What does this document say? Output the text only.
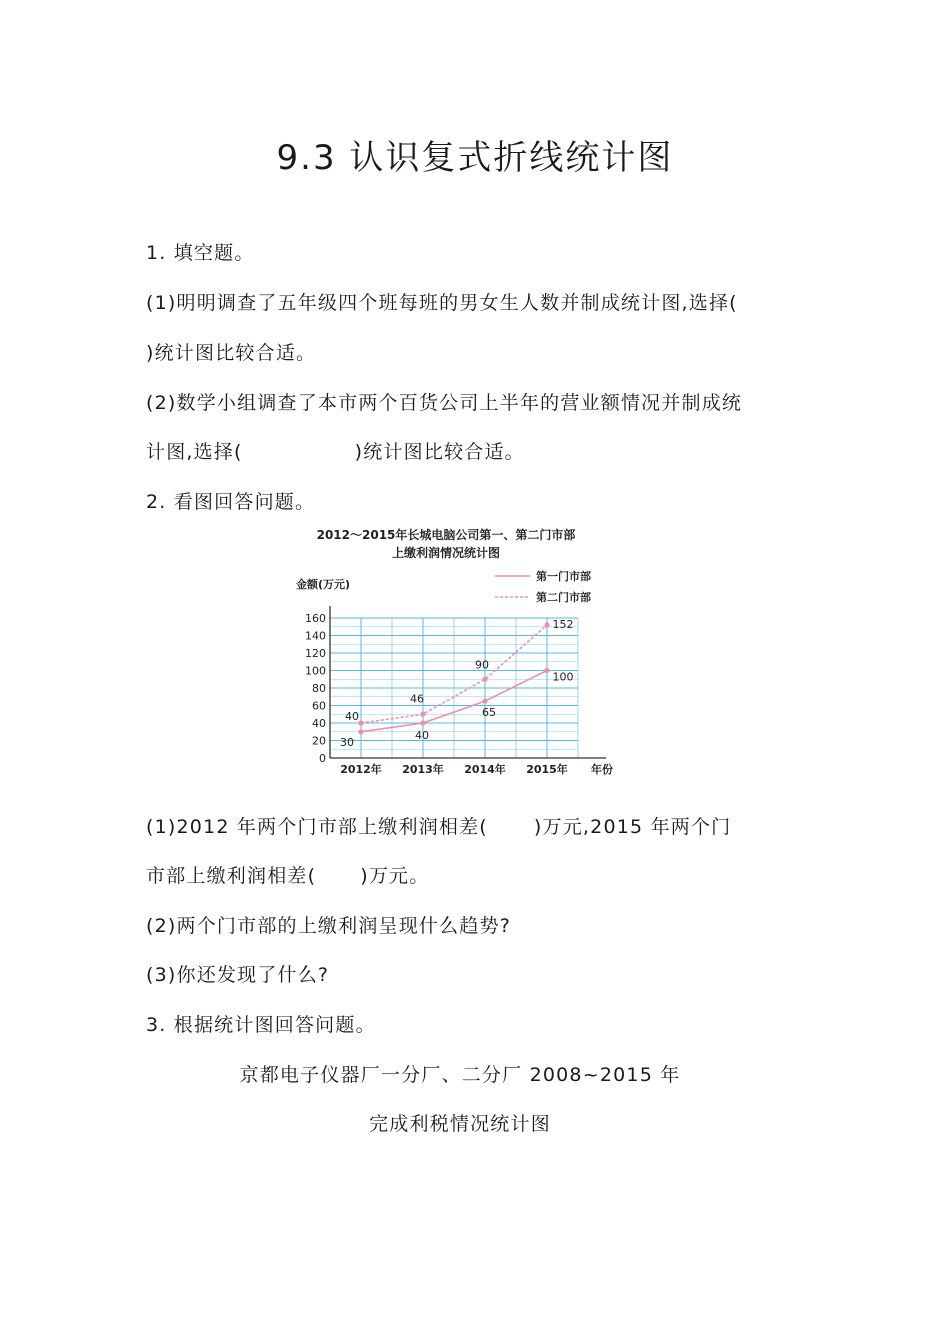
9.3 认识复式折线统计图
1. 填空题。
(1)明明调查了五年级四个班每班的男女生人数并制成统计图,选择(
)统计图比较合适。
(2)数学小组调查了本市两个百货公司上半年的营业额情况并制成统
计图,选择(	)统计图比较合适。
2. 看图回答问题。
2012～2015年长城电脑公司第一、第二门市部
上缴利润情况统计图
金额(万元)
年份
第一门市部
第二门市部
0
20
40
60
80
100
120
140
160
2012年 2013年 2014年 2015年
30
40
65
100
40
46
90
152
(1)2012 年两个门市部上缴利润相差( )万元,2015 年两个门
市部上缴利润相差( )万元。
(2)两个门市部的上缴利润呈现什么趋势?
(3)你还发现了什么?
3. 根据统计图回答问题。
京都电子仪器厂一分厂、二分厂 2008~2015 年
完成利税情况统计图
